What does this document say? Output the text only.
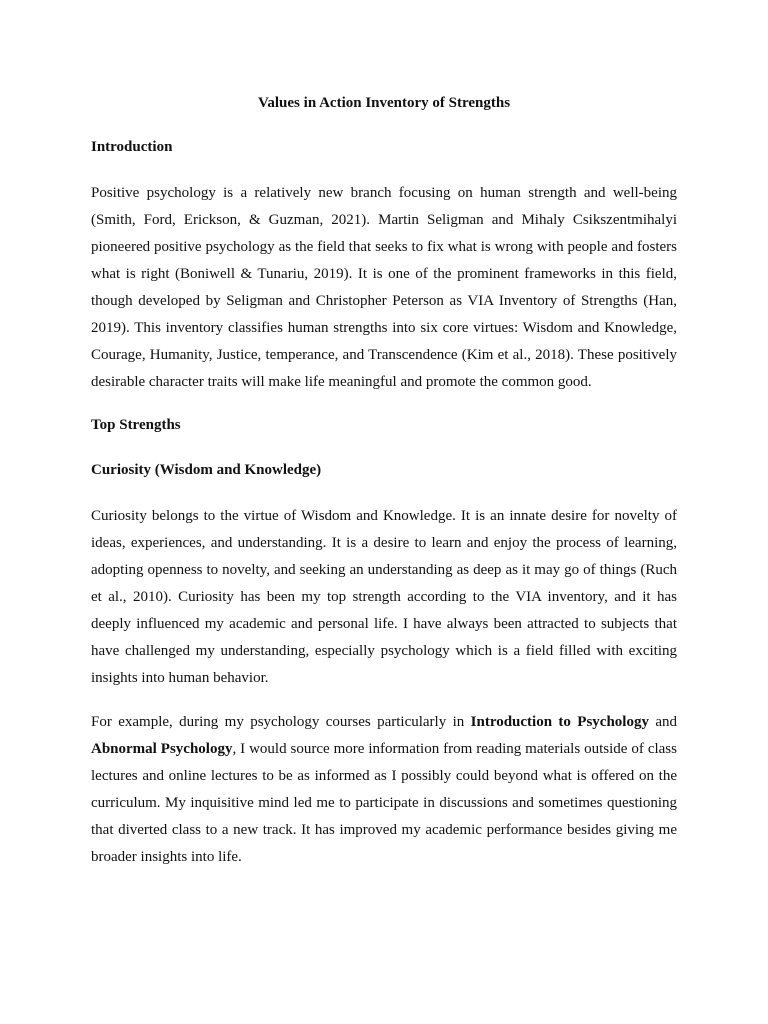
Values in Action Inventory of Strengths
Introduction

Positive psychology is a relatively new branch focusing on human strength and well-being (Smith, Ford, Erickson, & Guzman, 2021). Martin Seligman and Mihaly Csikszentmihalyi pioneered positive psychology as the field that seeks to fix what is wrong with people and fosters what is right (Boniwell & Tunariu, 2019). It is one of the prominent frameworks in this field, though developed by Seligman and Christopher Peterson as VIA Inventory of Strengths (Han, 2019). This inventory classifies human strengths into six core virtues: Wisdom and Knowledge, Courage, Humanity, Justice, temperance, and Transcendence (Kim et al., 2018). These positively desirable character traits will make life meaningful and promote the common good.

Top Strengths
Curiosity (Wisdom and Knowledge)

Curiosity belongs to the virtue of Wisdom and Knowledge. It is an innate desire for novelty of ideas, experiences, and understanding. It is a desire to learn and enjoy the process of learning, adopting openness to novelty, and seeking an understanding as deep as it may go of things (Ruch et al., 2010). Curiosity has been my top strength according to the VIA inventory, and it has deeply influenced my academic and personal life. I have always been attracted to subjects that have challenged my understanding, especially psychology which is a field filled with exciting insights into human behavior.

For example, during my psychology courses particularly in Introduction to Psychology and Abnormal Psychology, I would source more information from reading materials outside of class lectures and online lectures to be as informed as I possibly could beyond what is offered on the curriculum. My inquisitive mind led me to participate in discussions and sometimes questioning that diverted class to a new track. It has improved my academic performance besides giving me broader insights into life.
